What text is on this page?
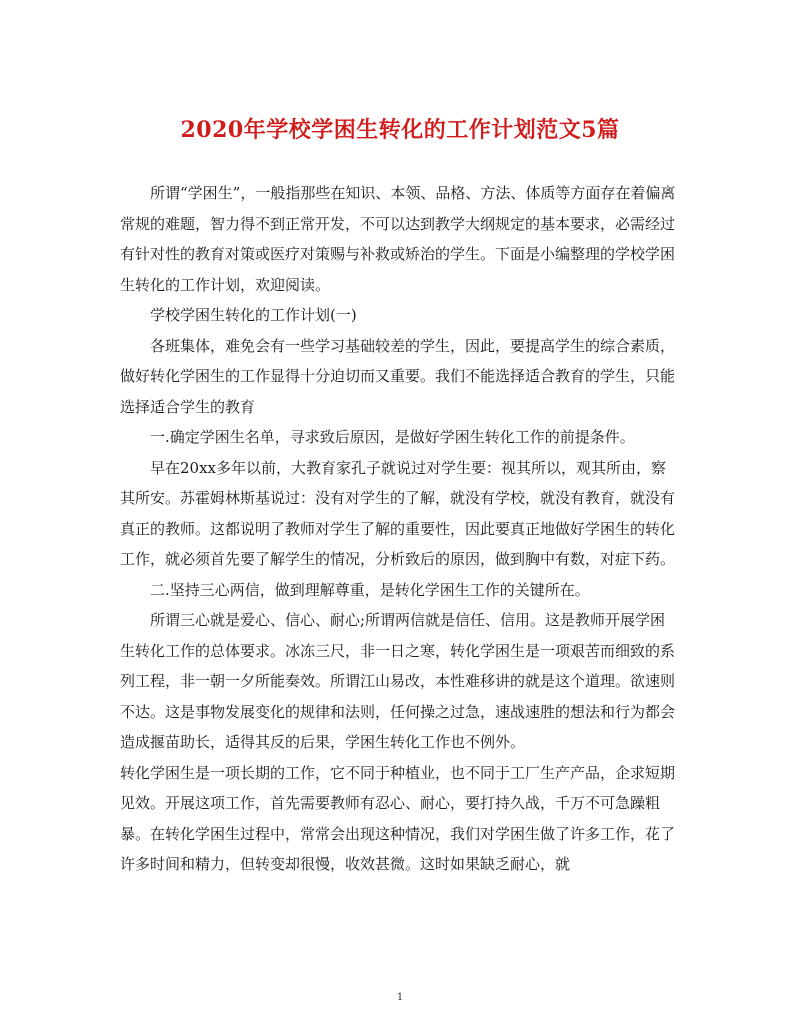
2020年学校学困生转化的工作计划范文5篇

所谓“学困生”，一般指那些在知识、本领、品格、方法、体质等方面存在着偏离常规的难题，智力得不到正常开发，不可以达到教学大纲规定的基本要求，必需经过有针对性的教育对策或医疗对策赐与补救或矫治的学生。下面是小编整理的学校学困生转化的工作计划，欢迎阅读。

学校学困生转化的工作计划(一)

各班集体，难免会有一些学习基础较差的学生，因此，要提高学生的综合素质，做好转化学困生的工作显得十分迫切而又重要。我们不能选择适合教育的学生，只能选择适合学生的教育

一.确定学困生名单，寻求致后原因，是做好学困生转化工作的前提条件。

早在20xx多年以前，大教育家孔子就说过对学生要：视其所以，观其所由，察其所安。苏霍姆林斯基说过：没有对学生的了解，就没有学校，就没有教育，就没有真正的教师。这都说明了教师对学生了解的重要性，因此要真正地做好学困生的转化工作，就必须首先要了解学生的情况，分析致后的原因，做到胸中有数，对症下药。

二.坚持三心两信，做到理解尊重，是转化学困生工作的关键所在。

所谓三心就是爱心、信心、耐心;所谓两信就是信任、信用。这是教师开展学困生转化工作的总体要求。冰冻三尺，非一日之寒，转化学困生是一项艰苦而细致的系列工程，非一朝一夕所能奏效。所谓江山易改，本性难移讲的就是这个道理。欲速则不达。这是事物发展变化的规律和法则，任何操之过急，速战速胜的想法和行为都会造成揠苗助长，适得其反的后果，学困生转化工作也不例外。

转化学困生是一项长期的工作，它不同于种植业，也不同于工厂生产产品，企求短期见效。开展这项工作，首先需要教师有忍心、耐心，要打持久战，千万不可急躁粗暴。在转化学困生过程中，常常会出现这种情况，我们对学困生做了许多工作，花了许多时间和精力，但转变却很慢，收效甚微。这时如果缺乏耐心，就

1
